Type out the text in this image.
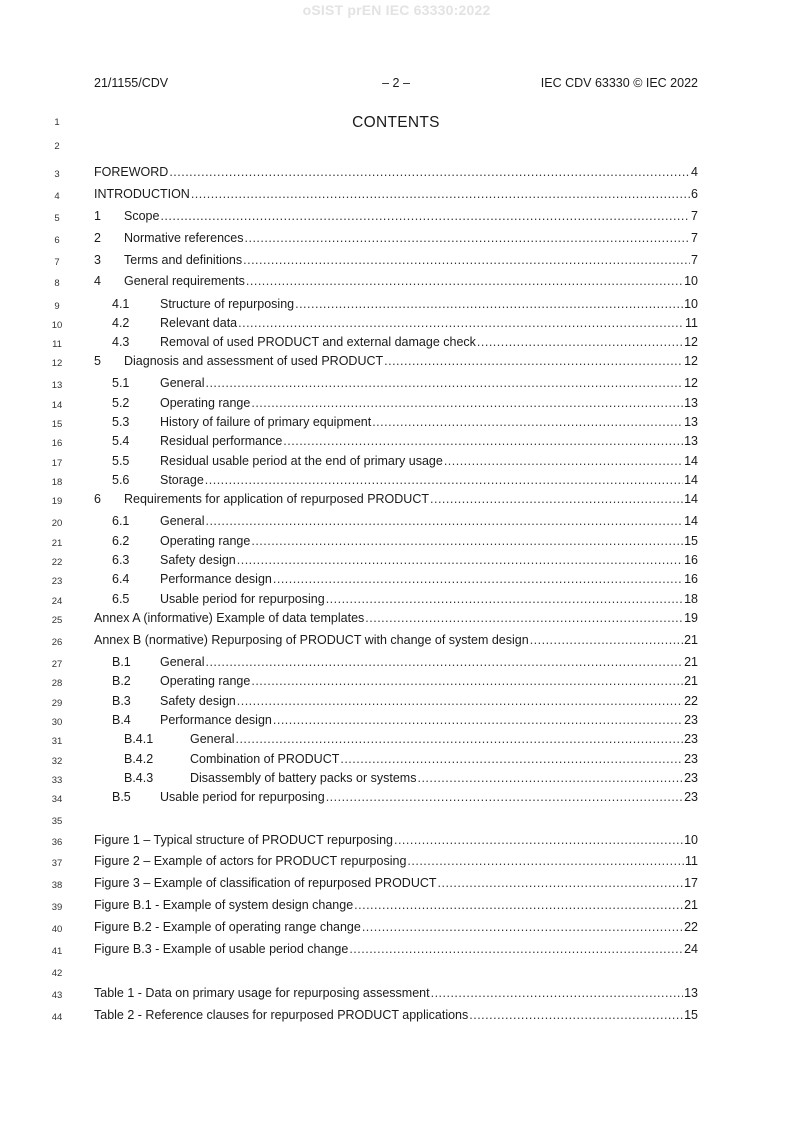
oSIST prEN IEC 63330:2022
21/1155/CDV	– 2 –	IEC CDV 63330 © IEC 2022
CONTENTS
1
2
3
4
5
6
7
8
9
10
11
12
13
14
15
16
17
18
19
20
21
22
23
24
25
26
27
28
29
30
31
32
33
34
35
36
37
38
39
40
41
42
43
44
FOREWORD .....	4
INTRODUCTION .....	6
1	Scope .....	7
2	Normative references .....	7
3	Terms and definitions .....	7
4	General requirements .....	10
4.1	Structure of repurposing .....	10
4.2	Relevant data .....	11
4.3	Removal of used PRODUCT and external damage check .....	12
5	Diagnosis and assessment of used PRODUCT .....	12
5.1	General .....	12
5.2	Operating range .....	13
5.3	History of failure of primary equipment .....	13
5.4	Residual performance .....	13
5.5	Residual usable period at the end of primary usage .....	14
5.6	Storage .....	14
6	Requirements for application of repurposed PRODUCT .....	14
6.1	General .....	14
6.2	Operating range .....	15
6.3	Safety design .....	16
6.4	Performance design .....	16
6.5	Usable period for repurposing .....	18
Annex A (informative) Example of data templates .....	19
Annex B (normative) Repurposing of PRODUCT with change of system design .....	21
B.1	General .....	21
B.2	Operating range .....	21
B.3	Safety design .....	22
B.4	Performance design .....	23
B.4.1	General .....	23
B.4.2	Combination of PRODUCT .....	23
B.4.3	Disassembly of battery packs or systems .....	23
B.5	Usable period for repurposing .....	23
Figure 1 – Typical structure of PRODUCT repurposing .....	10
Figure 2 – Example of actors for PRODUCT repurposing .....	11
Figure 3 – Example of classification of repurposed PRODUCT .....	17
Figure B.1 - Example of system design change .....	21
Figure B.2 - Example of operating range change .....	22
Figure B.3 - Example of usable period change .....	24
Table 1 - Data on primary usage for repurposing assessment .....	13
Table 2 - Reference clauses for repurposed PRODUCT applications .....	15
